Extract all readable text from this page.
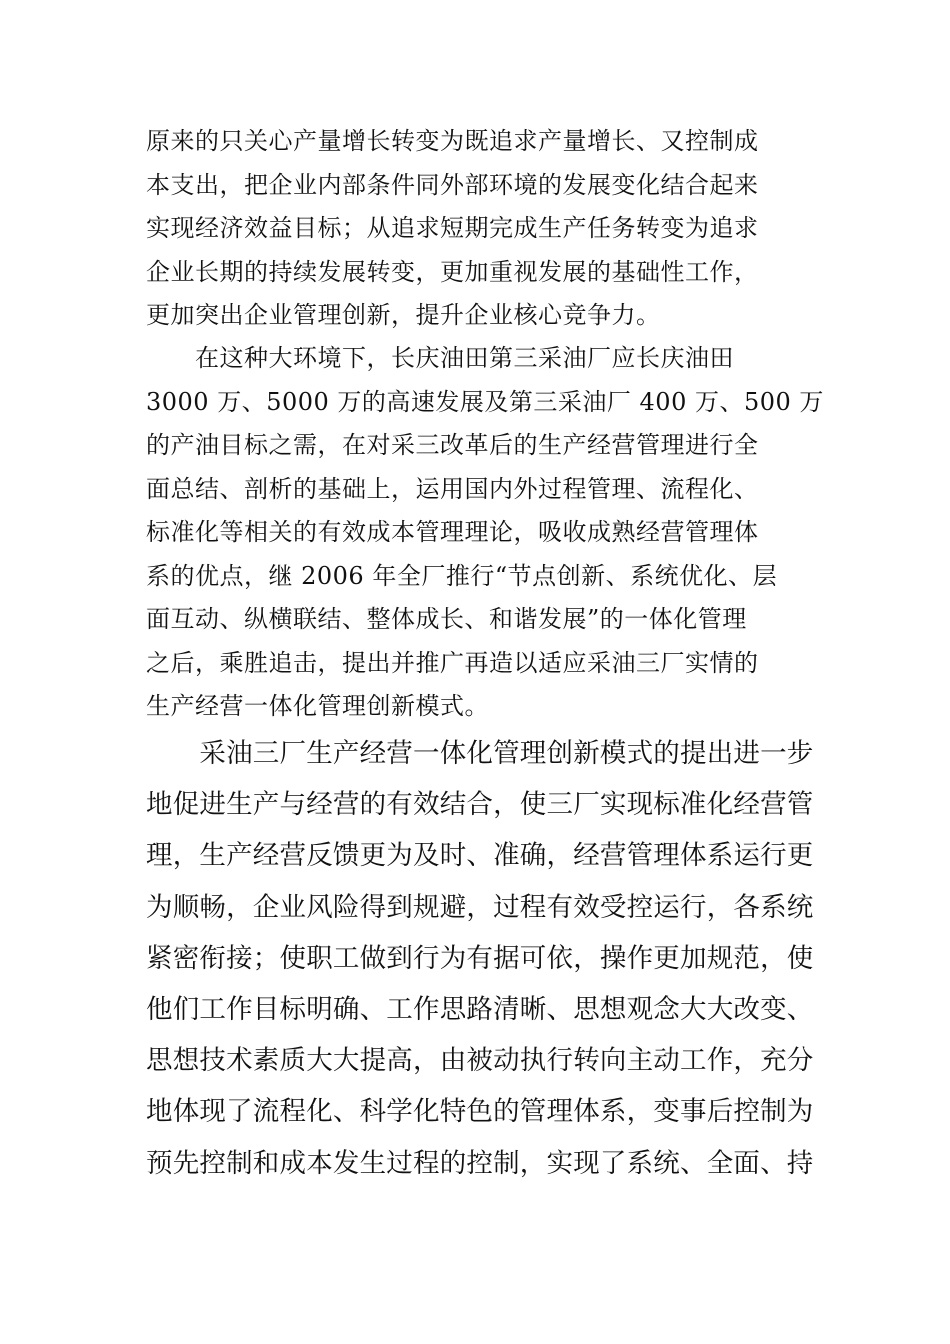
原来的只关心产量增长转变为既追求产量增长、又控制成
本支出，把企业内部条件同外部环境的发展变化结合起来
实现经济效益目标；从追求短期完成生产任务转变为追求
企业长期的持续发展转变，更加重视发展的基础性工作，
更加突出企业管理创新，提升企业核心竞争力。
　　在这种大环境下，长庆油田第三采油厂应长庆油田
3000 万、5000 万的高速发展及第三采油厂 400 万、500 万
的产油目标之需，在对采三改革后的生产经营管理进行全
面总结、剖析的基础上，运用国内外过程管理、流程化、
标准化等相关的有效成本管理理论，吸收成熟经营管理体
系的优点，继 2006 年全厂推行“节点创新、系统优化、层
面互动、纵横联结、整体成长、和谐发展”的一体化管理
之后，乘胜追击，提出并推广再造以适应采油三厂实情的
生产经营一体化管理创新模式。
　　采油三厂生产经营一体化管理创新模式的提出进一步
地促进生产与经营的有效结合，使三厂实现标准化经营管
理，生产经营反馈更为及时、准确，经营管理体系运行更
为顺畅，企业风险得到规避，过程有效受控运行，各系统
紧密衔接；使职工做到行为有据可依，操作更加规范，使
他们工作目标明确、工作思路清晰、思想观念大大改变、
思想技术素质大大提高，由被动执行转向主动工作，充分
地体现了流程化、科学化特色的管理体系，变事后控制为
预先控制和成本发生过程的控制，实现了系统、全面、持
